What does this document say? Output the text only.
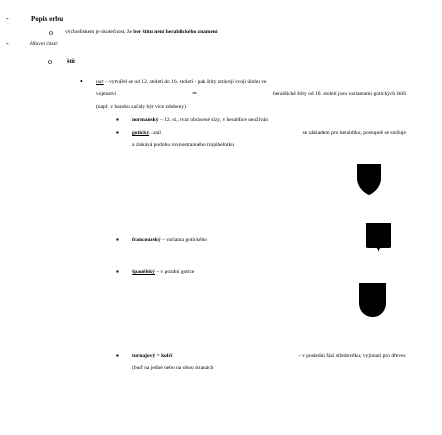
-	Popis erbu
o východiskem je skutečnost, že ber štítu není heraldického znamení
-	Hlavní části:
o	štít
• nar – vytvářel se od 12. století do 16. století - pak štíty ztrácejí svoji úlohu ve
vojenství	⇒	heraldické štíty od 16. století jsou variantami gotických štítů
(např. v baroku začaly být více zdobeny)
▪ normanský – 12. st., tvar obrácené slzy, v heraldice neužíván
▪ gotický...stál	se základem pro heraldiku, postupně se snižuje
a získává podobu rovnostranného trojúhelníku
▪ francouzský – varianta gotického
▪ španělský – v pozdní gotice
▪ turnajový = kolčí	– v poslední fázi středověku; vyjímatí pro dřevec
(buď na jedné nebo na obou stranách
